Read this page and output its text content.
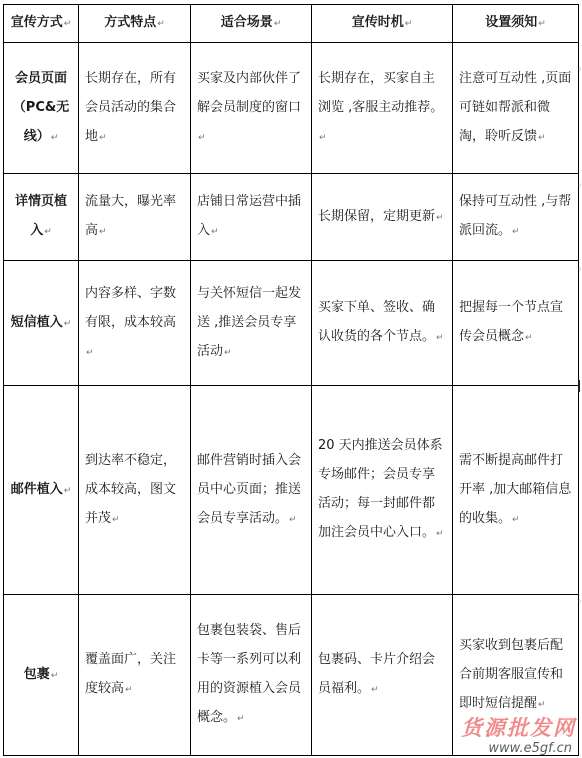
宣传方式↵	方式特点↵	适合场景↵	宣传时机↵	设置须知↵
会员页面（PC&无线）↵	长期存在，所有会员活动的集合地↵	买家及内部伙伴了解会员制度的窗口↵	长期存在，买家自主浏览 ,客服主动推荐。↵	注意可互动性 ,页面可链如帮派和微淘，聆听反馈↵
详情页植入↵	流量大，曝光率高↵	店铺日常运营中插入↵	长期保留，定期更新↵	保持可互动性 ,与帮派回流。↵
短信植入↵	内容多样、字数有限，成本较高↵	与关怀短信一起发送 ,推送会员专享活动↵	买家下单、签收、确认收货的各个节点。↵	把握每一个节点宣传会员概念↵
邮件植入↵	到达率不稳定，成本较高，图文并茂↵	邮件营销时插入会员中心页面；推送会员专享活动。↵	20 天内推送会员体系专场邮件；会员专享活动；每一封邮件都加注会员中心入口。↵	需不断提高邮件打开率 ,加大邮箱信息的收集。↵
包裹↵	覆盖面广，关注度较高↵	包裹包装袋、售后卡等一系列可以利用的资源植入会员概念。↵	包裹码、卡片介绍会员福利。↵	买家收到包裹后配合前期客服宣传和即时短信提醒↵
◦
◦
◦
◦
货源批发网
www.e5gf.cn
